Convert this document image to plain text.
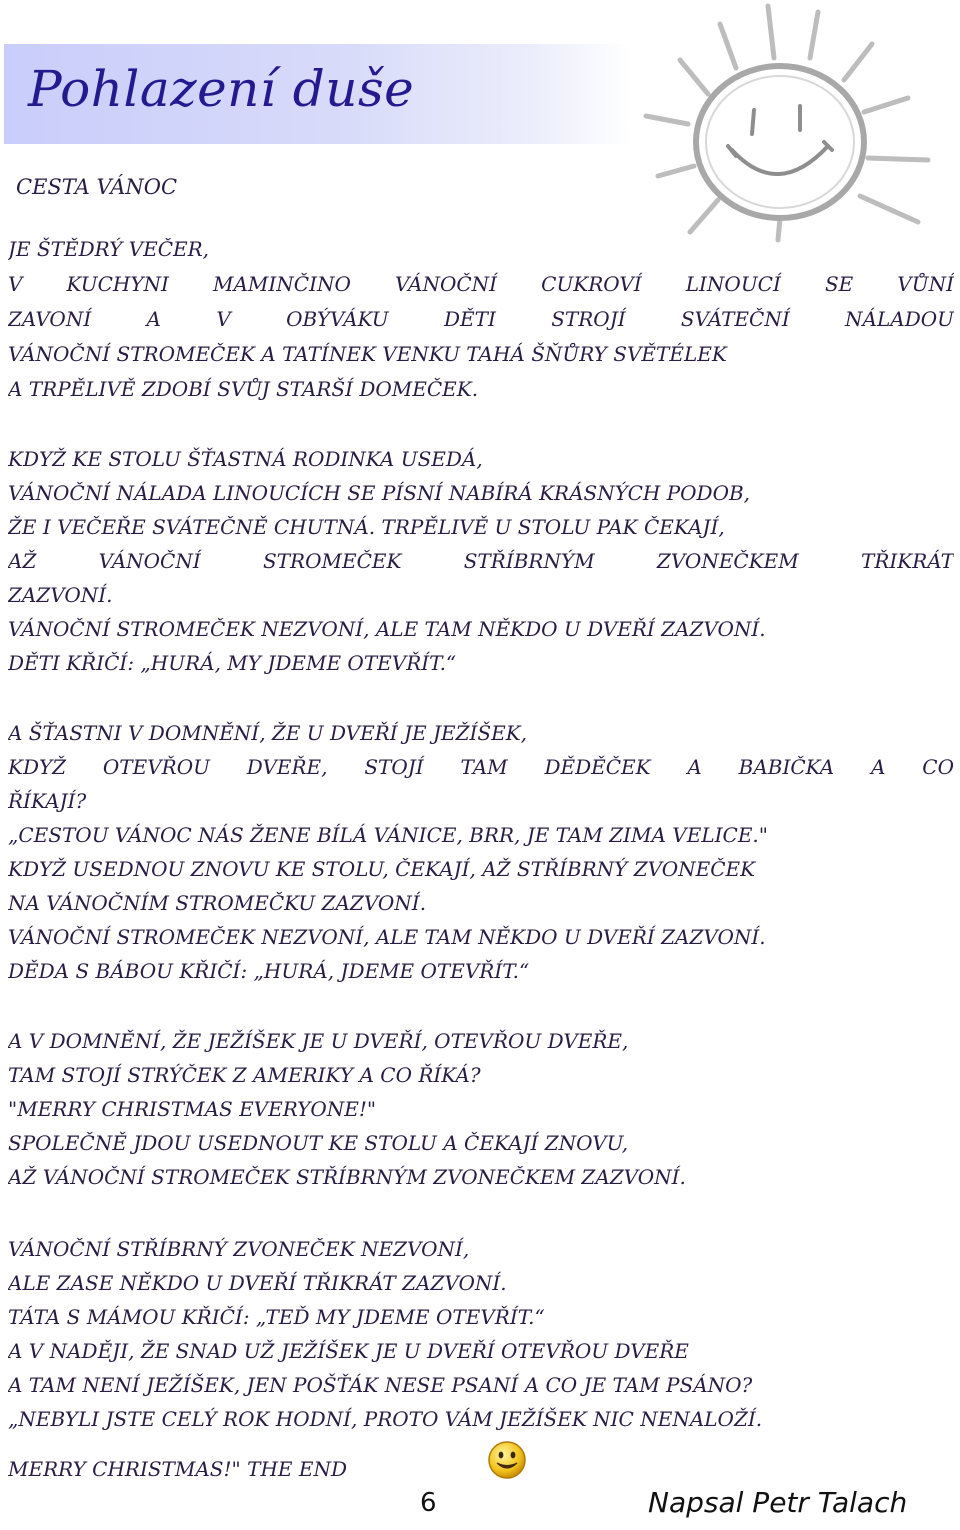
Pohlazení duše
CESTA VÁNOC
JE ŠTĚDRÝ VEČER,
V KUCHYNI MAMINČINO VÁNOČNÍ CUKROVÍ LINOUCÍ SE VŮNÍ
ZAVONÍ A V OBÝVÁKU DĚTI STROJÍ SVÁTEČNÍ NÁLADOU
VÁNOČNÍ STROMEČEK A TATÍNEK VENKU TAHÁ ŠŇŮRY SVĚTÉLEK
A TRPĚLIVĚ ZDOBÍ SVŮJ STARŠÍ DOMEČEK.
KDYŽ KE STOLU ŠŤASTNÁ RODINKA USEDÁ,
VÁNOČNÍ NÁLADA LINOUCÍCH SE PÍSNÍ NABÍRÁ KRÁSNÝCH PODOB,
ŽE I VEČEŘE SVÁTEČNĚ CHUTNÁ. TRPĚLIVĚ U STOLU PAK ČEKAJÍ,
AŽ VÁNOČNÍ STROMEČEK STŘÍBRNÝM ZVONEČKEM TŘIKRÁT
ZAZVONÍ.
VÁNOČNÍ STROMEČEK NEZVONÍ, ALE TAM NĚKDO U DVEŘÍ ZAZVONÍ.
DĚTI KŘIČÍ: „HURÁ, MY JDEME OTEVŘÍT.“
A ŠŤASTNI V DOMNĚNÍ, ŽE U DVEŘÍ JE JEŽÍŠEK,
KDYŽ OTEVŘOU DVEŘE, STOJÍ TAM DĚDĚČEK A BABIČKA A CO
ŘÍKAJÍ?
„CESTOU VÁNOC NÁS ŽENE BÍLÁ VÁNICE, BRR, JE TAM ZIMA VELICE."
KDYŽ USEDNOU ZNOVU KE STOLU, ČEKAJÍ, AŽ STŘÍBRNÝ ZVONEČEK
NA VÁNOČNÍM STROMEČKU ZAZVONÍ.
VÁNOČNÍ STROMEČEK NEZVONÍ, ALE TAM NĚKDO U DVEŘÍ ZAZVONÍ.
DĚDA S BÁBOU KŘIČÍ: „HURÁ, JDEME OTEVŘÍT.“
A V DOMNĚNÍ, ŽE JEŽÍŠEK JE U DVEŘÍ, OTEVŘOU DVEŘE,
TAM STOJÍ STRÝČEK Z AMERIKY A CO ŘÍKÁ?
"MERRY CHRISTMAS EVERYONE!"
SPOLEČNĚ JDOU USEDNOUT KE STOLU A ČEKAJÍ ZNOVU,
AŽ VÁNOČNÍ STROMEČEK STŘÍBRNÝM ZVONEČKEM ZAZVONÍ.
VÁNOČNÍ STŘÍBRNÝ ZVONEČEK NEZVONÍ,
ALE ZASE NĚKDO U DVEŘÍ TŘIKRÁT ZAZVONÍ.
TÁTA S MÁMOU KŘIČÍ: „TEĎ MY JDEME OTEVŘÍT.“
A V NADĚJI, ŽE SNAD UŽ JEŽÍŠEK JE U DVEŘÍ OTEVŘOU DVEŘE
A TAM NENÍ JEŽÍŠEK, JEN POŠŤÁK NESE PSANÍ A CO JE TAM PSÁNO?
„NEBYLI JSTE CELÝ ROK HODNÍ, PROTO VÁM JEŽÍŠEK NIC NENALOŽÍ.
MERRY CHRISTMAS!" THE END
6	Napsal Petr Talach
